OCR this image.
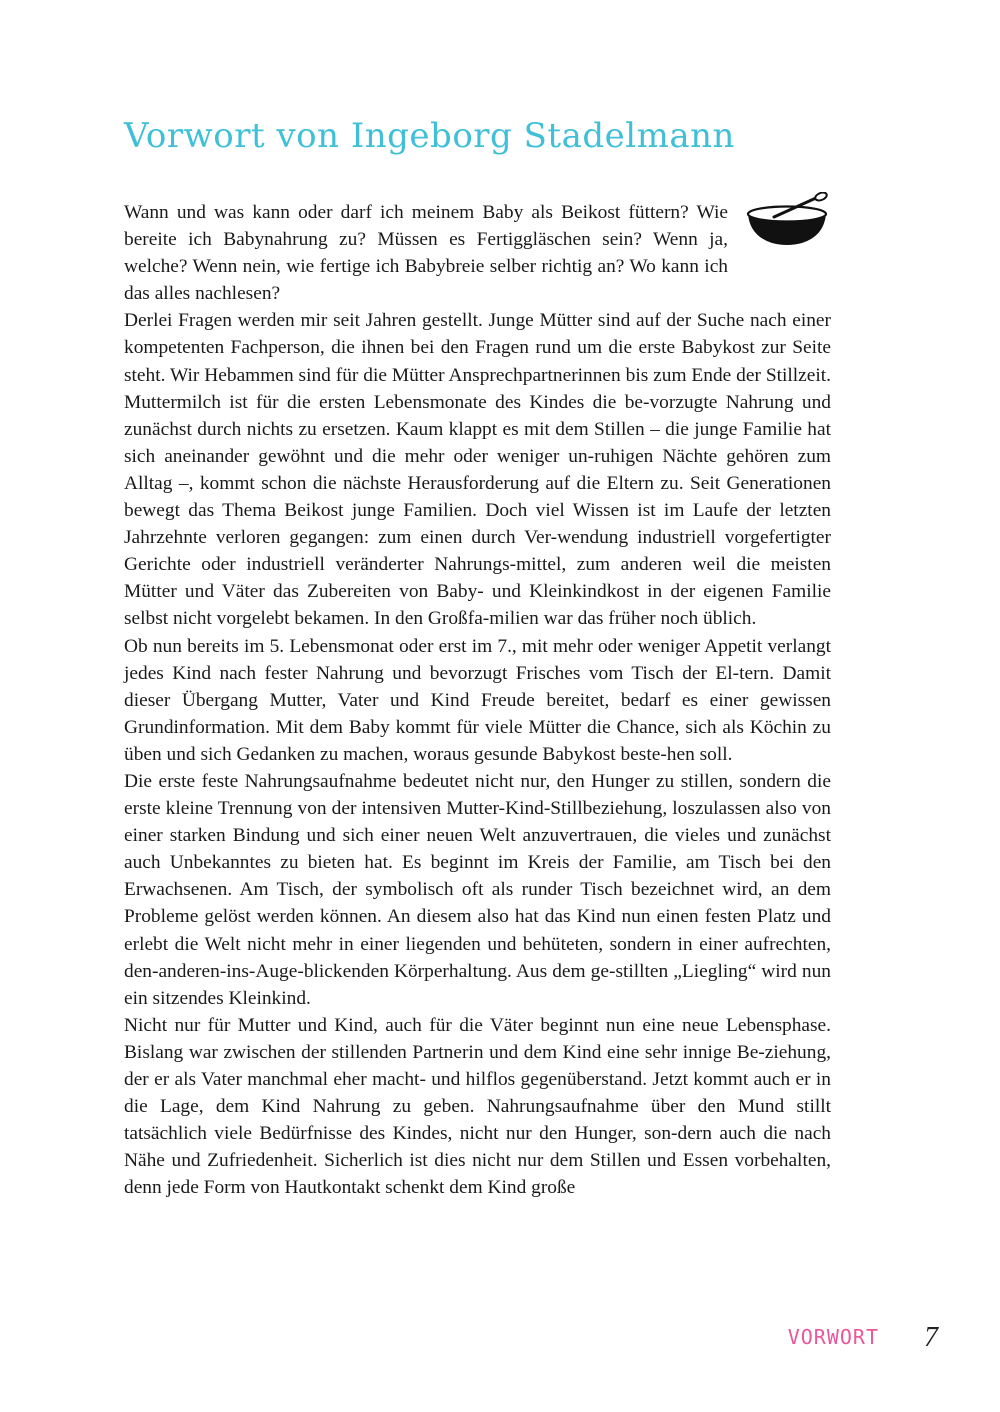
Vorwort von Ingeborg Stadelmann

Wann und was kann oder darf ich meinem Baby als Beikost füttern? Wie bereite ich Babynahrung zu? Müssen es Fertiggläschen sein? Wenn ja, welche? Wenn nein, wie fertige ich Babybreie selber richtig an? Wo kann ich das alles nachlesen?

Derlei Fragen werden mir seit Jahren gestellt. Junge Mütter sind auf der Suche nach einer kompetenten Fachperson, die ihnen bei den Fragen rund um die erste Babykost zur Seite steht. Wir Hebammen sind für die Mütter Ansprechpartnerinnen bis zum Ende der Stillzeit. Muttermilch ist für die ersten Lebensmonate des Kindes die be-vorzugte Nahrung und zunächst durch nichts zu ersetzen. Kaum klappt es mit dem Stillen – die junge Familie hat sich aneinander gewöhnt und die mehr oder weniger un-ruhigen Nächte gehören zum Alltag –, kommt schon die nächste Herausforderung auf die Eltern zu. Seit Generationen bewegt das Thema Beikost junge Familien. Doch viel Wissen ist im Laufe der letzten Jahrzehnte verloren gegangen: zum einen durch Ver-wendung industriell vorgefertigter Gerichte oder industriell veränderter Nahrungs-mittel, zum anderen weil die meisten Mütter und Väter das Zubereiten von Baby- und Kleinkindkost in der eigenen Familie selbst nicht vorgelebt bekamen. In den Großfa-milien war das früher noch üblich.

Ob nun bereits im 5. Lebensmonat oder erst im 7., mit mehr oder weniger Appetit verlangt jedes Kind nach fester Nahrung und bevorzugt Frisches vom Tisch der El-tern. Damit dieser Übergang Mutter, Vater und Kind Freude bereitet, bedarf es einer gewissen Grundinformation. Mit dem Baby kommt für viele Mütter die Chance, sich als Köchin zu üben und sich Gedanken zu machen, woraus gesunde Babykost beste-hen soll.

Die erste feste Nahrungsaufnahme bedeutet nicht nur, den Hunger zu stillen, sondern die erste kleine Trennung von der intensiven Mutter-Kind-Stillbeziehung, loszulassen also von einer starken Bindung und sich einer neuen Welt anzuvertrauen, die vieles und zunächst auch Unbekanntes zu bieten hat. Es beginnt im Kreis der Familie, am Tisch bei den Erwachsenen. Am Tisch, der symbolisch oft als runder Tisch bezeichnet wird, an dem Probleme gelöst werden können. An diesem also hat das Kind nun einen festen Platz und erlebt die Welt nicht mehr in einer liegenden und behüteten, sondern in einer aufrechten, den-anderen-ins-Auge-blickenden Körperhaltung. Aus dem ge-stillten „Liegling“ wird nun ein sitzendes Kleinkind.

Nicht nur für Mutter und Kind, auch für die Väter beginnt nun eine neue Lebensphase. Bislang war zwischen der stillenden Partnerin und dem Kind eine sehr innige Be-ziehung, der er als Vater manchmal eher macht- und hilflos gegenüberstand. Jetzt kommt auch er in die Lage, dem Kind Nahrung zu geben. Nahrungsaufnahme über den Mund stillt tatsächlich viele Bedürfnisse des Kindes, nicht nur den Hunger, son-dern auch die nach Nähe und Zufriedenheit. Sicherlich ist dies nicht nur dem Stillen und Essen vorbehalten, denn jede Form von Hautkontakt schenkt dem Kind große

VORWORT 7
